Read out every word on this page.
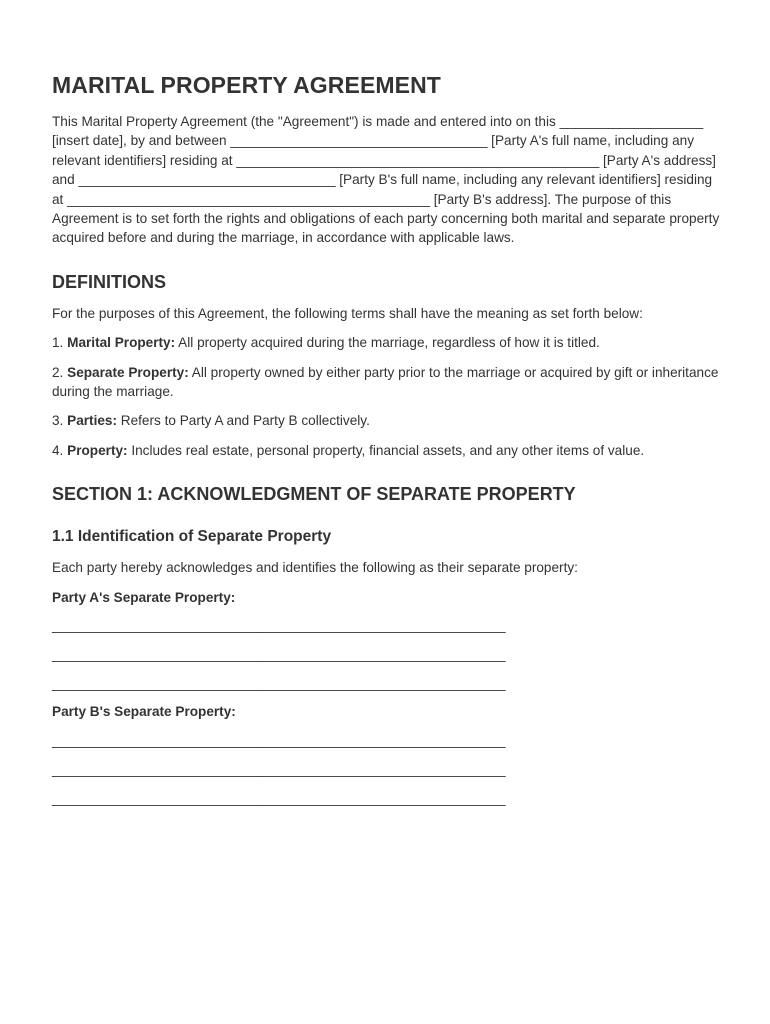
MARITAL PROPERTY AGREEMENT

This Marital Property Agreement (the "Agreement") is made and entered into on this ___________________ [insert date], by and between __________________________________ [Party A's full name, including any relevant identifiers] residing at ________________________________________________ [Party A's address] and __________________________________ [Party B's full name, including any relevant identifiers] residing at ________________________________________________ [Party B's address]. The purpose of this Agreement is to set forth the rights and obligations of each party concerning both marital and separate property acquired before and during the marriage, in accordance with applicable laws.

DEFINITIONS

For the purposes of this Agreement, the following terms shall have the meaning as set forth below:

1. Marital Property: All property acquired during the marriage, regardless of how it is titled.

2. Separate Property: All property owned by either party prior to the marriage or acquired by gift or inheritance during the marriage.

3. Parties: Refers to Party A and Party B collectively.

4. Property: Includes real estate, personal property, financial assets, and any other items of value.

SECTION 1: ACKNOWLEDGMENT OF SEPARATE PROPERTY
1.1 Identification of Separate Property

Each party hereby acknowledges and identifies the following as their separate property:

Party A's Separate Property:
____________________________________________________________
____________________________________________________________
____________________________________________________________
Party B's Separate Property:
____________________________________________________________
____________________________________________________________
____________________________________________________________
